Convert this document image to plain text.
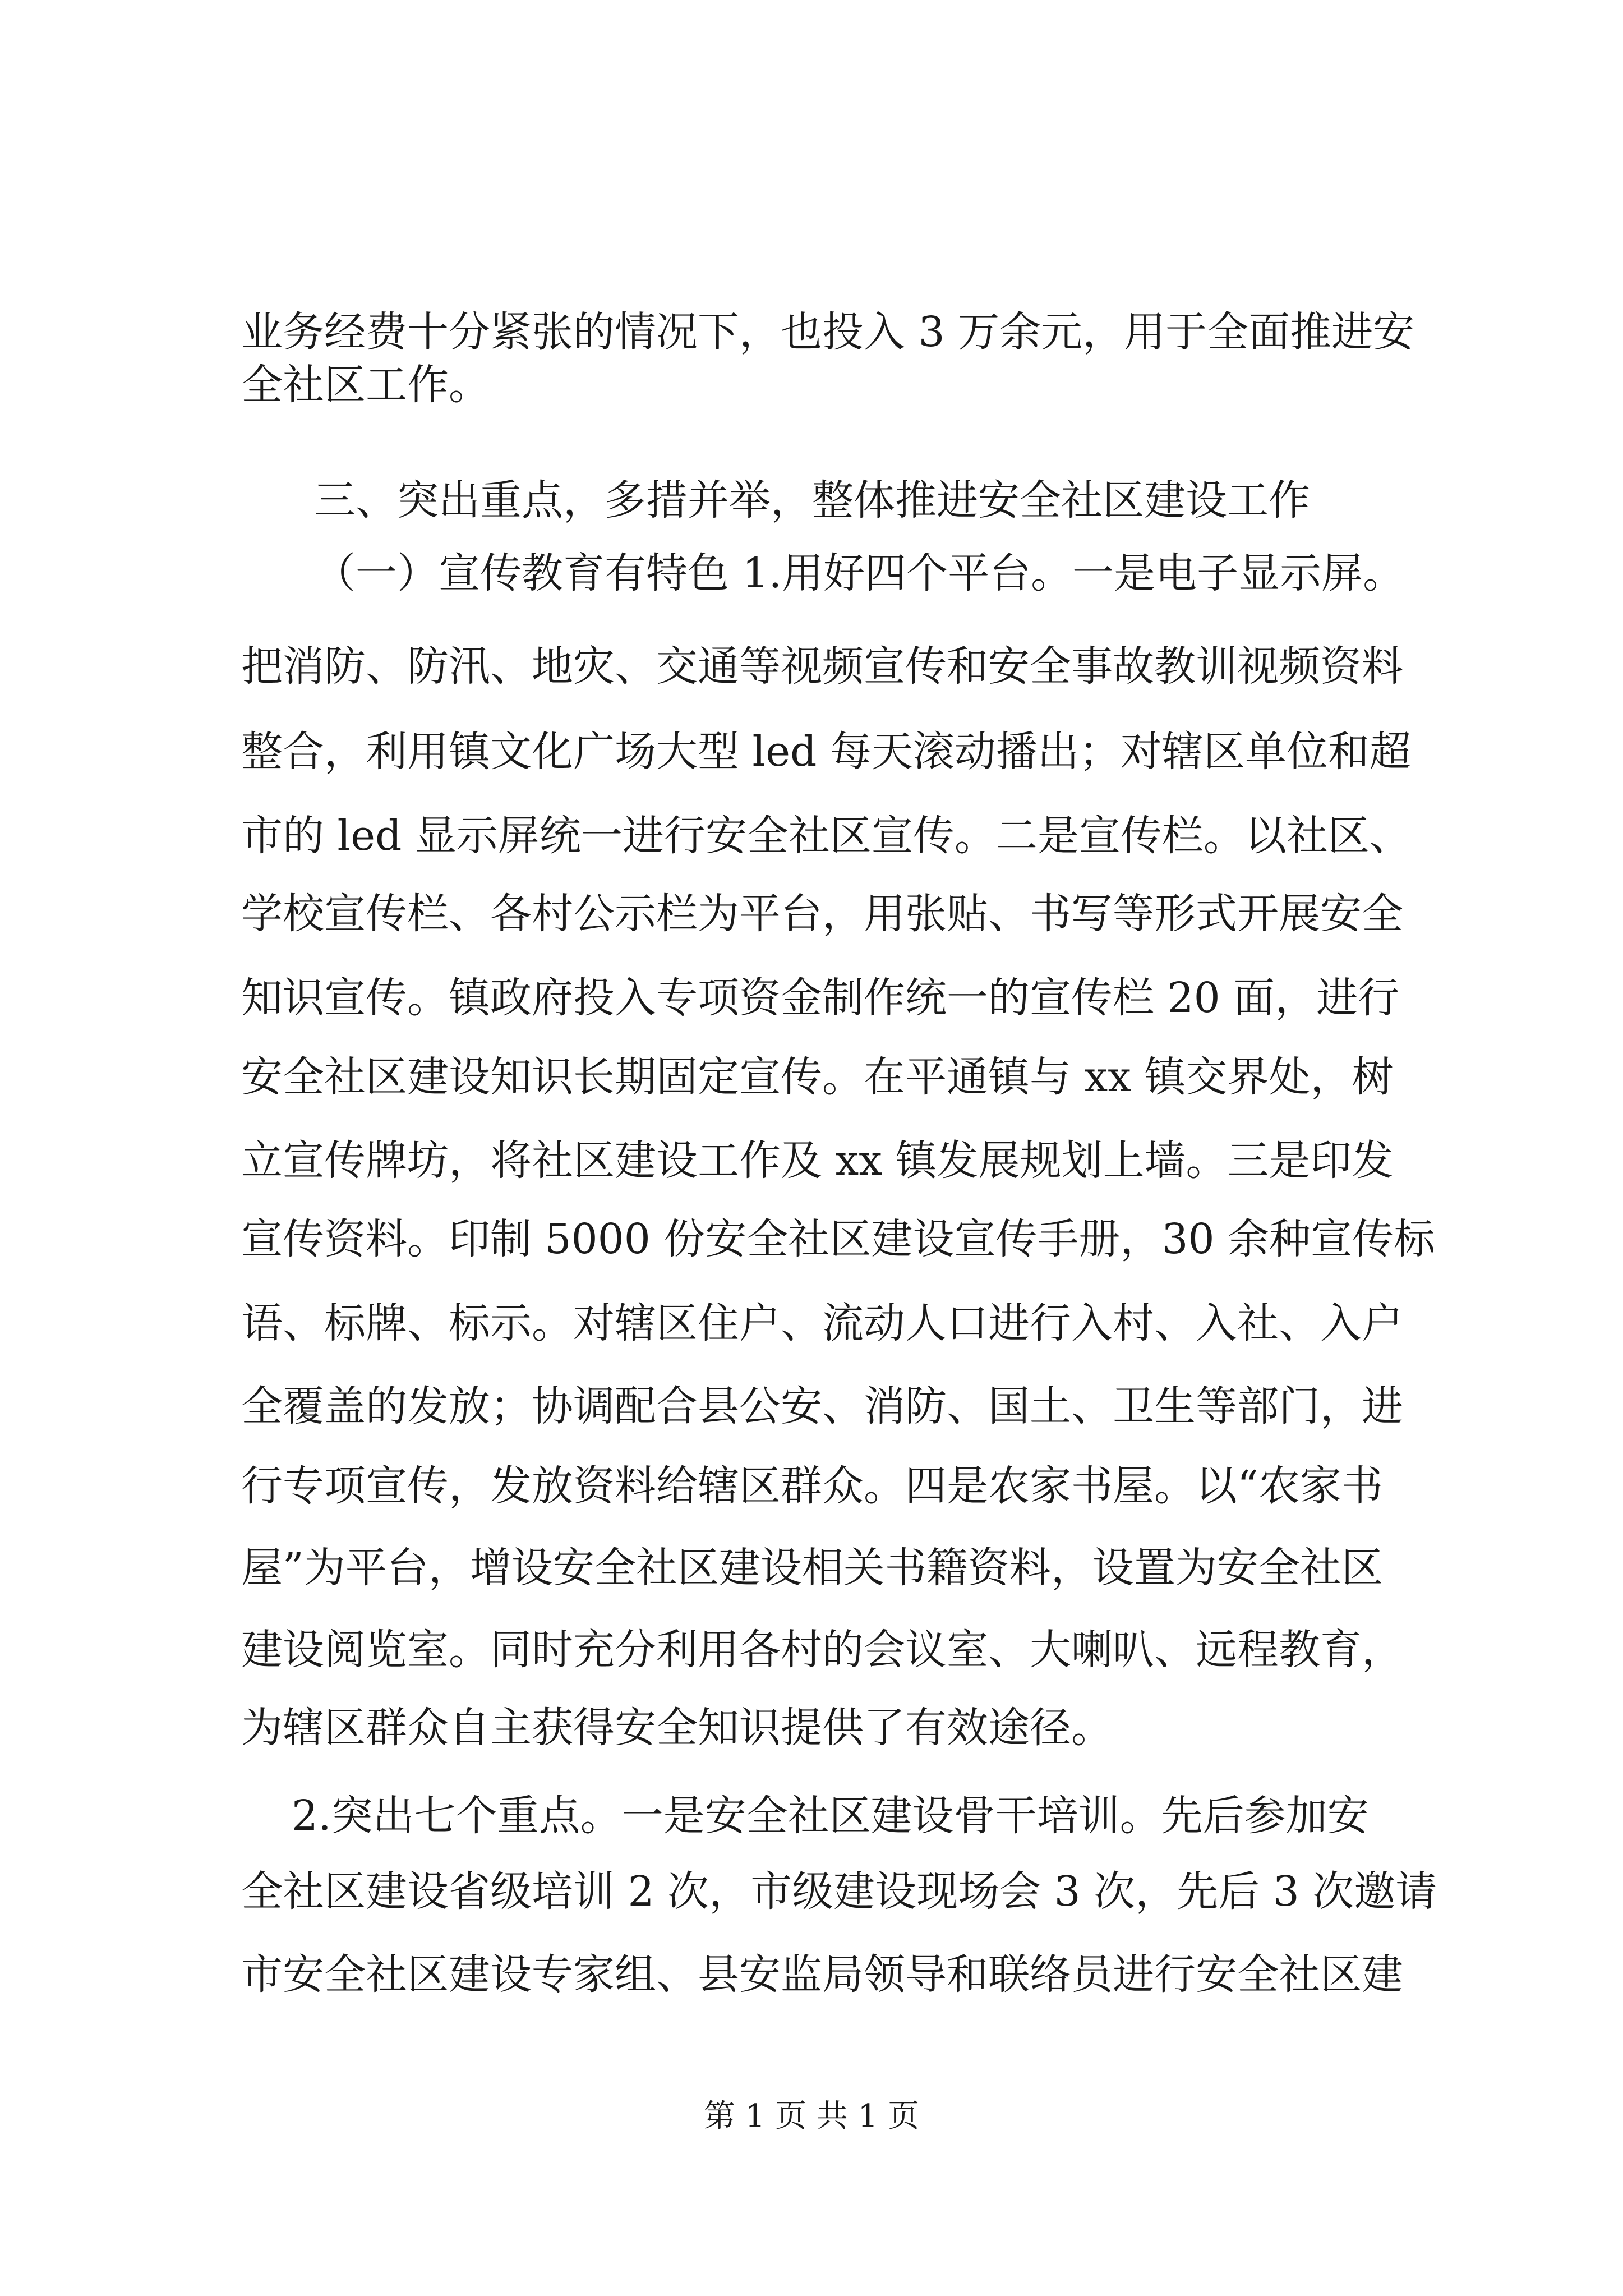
业务经费十分紧张的情况下，也投入 3 万余元，用于全面推进安
全社区工作。
三、突出重点，多措并举，整体推进安全社区建设工作
（一）宣传教育有特色 1.用好四个平台。一是电子显示屏。
把消防、防汛、地灾、交通等视频宣传和安全事故教训视频资料
整合，利用镇文化广场大型 led 每天滚动播出；对辖区单位和超
市的 led 显示屏统一进行安全社区宣传。二是宣传栏。以社区、
学校宣传栏、各村公示栏为平台，用张贴、书写等形式开展安全
知识宣传。镇政府投入专项资金制作统一的宣传栏 20 面，进行
安全社区建设知识长期固定宣传。在平通镇与 xx 镇交界处，树
立宣传牌坊，将社区建设工作及 xx 镇发展规划上墙。三是印发
宣传资料。印制 5000 份安全社区建设宣传手册，30 余种宣传标
语、标牌、标示。对辖区住户、流动人口进行入村、入社、入户
全覆盖的发放；协调配合县公安、消防、国土、卫生等部门，进
行专项宣传，发放资料给辖区群众。四是农家书屋。以“农家书
屋”为平台，增设安全社区建设相关书籍资料，设置为安全社区
建设阅览室。同时充分利用各村的会议室、大喇叭、远程教育，
为辖区群众自主获得安全知识提供了有效途径。
2.突出七个重点。一是安全社区建设骨干培训。先后参加安
全社区建设省级培训 2 次，市级建设现场会 3 次，先后 3 次邀请
市安全社区建设专家组、县安监局领导和联络员进行安全社区建
第 1 页 共 1 页
